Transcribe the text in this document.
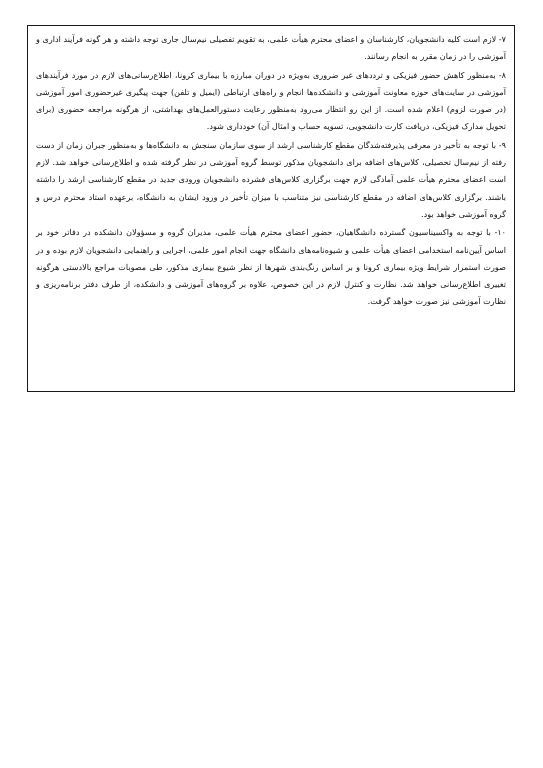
۷- لازم است کلیه دانشجویان، کارشناسان و اعضای محترم هیأت علمی، به تقویم تفصیلی نیم‌سال جاری توجه داشته و هر گونه فرآیند اداری و آموزشی را در زمان مقرر به انجام رسانند.

۸- به‌منظور کاهش حضور فیزیکی و ترددهای غیر ضروری به‌ویژه در دوران مبارزه با بیماری کرونا، اطلاع‌رسانی‌های لازم در مورد فرآیندهای آموزشی در سایت‌های حوزه معاونت آموزشی و دانشکده‌ها انجام و راه‌های ارتباطی (ایمیل و تلفن) جهت پیگیری غیرحضوری امور آموزشی (در صورت لزوم) اعلام شده است. از این رو انتظار می‌رود به‌منظور رعایت دستورالعمل‌های بهداشتی، از هرگونه مراجعه حضوری (برای تحویل مدارک فیزیکی، دریافت کارت دانشجویی، تسویه حساب و امثال آن) خودداری شود.

۹- با توجه به تأخیر در معرفی پذیرفته‌شدگان مقطع کارشناسی ارشد از سوی سازمان سنجش به دانشگاه‌ها و به‌منظور جبران زمان از دست رفته از نیم‌سال تحصیلی، کلاس‌های اضافه برای دانشجویان مذکور توسط گروه آموزشی در نظر گرفته شده و اطلاع‌رسانی خواهد شد. لازم است اعضای محترم هیأت علمی آمادگی لازم جهت برگزاری کلاس‌های فشرده دانشجویان ورودی جدید در مقطع کارشناسی ارشد را داشته باشند. برگزاری کلاس‌های اضافه در مقطع کارشناسی نیز متناسب با میزان تأخیر در ورود ایشان به دانشگاه، برعهده استاد محترم درس و گروه آموزشی خواهد بود.

۱۰- با توجه به واکسیناسیون گسترده دانشگاهیان، حضور اعضای محترم هیأت علمی، مدیران گروه و مسؤولان دانشکده در دفاتر خود بر اساس آیین‌نامه استخدامی اعضای هیأت علمی و شیوه‌نامه‌های دانشگاه جهت انجام امور علمی، اجرایی و راهنمایی دانشجویان لازم بوده و در صورت استمرار شرایط ویژه بیماری کرونا و بر اساس رنگ‌بندی شهرها از نظر شیوع بیماری مذکور، طی مصوبات مراجع بالادستی هرگونه تغییری اطلاع‌رسانی خواهد شد. نظارت و کنترل لازم در این خصوص، علاوه بر گروه‌های آموزشی و دانشکده، از طرف دفتر برنامه‌ریزی و نظارت آموزشی نیز صورت خواهد گرفت.
